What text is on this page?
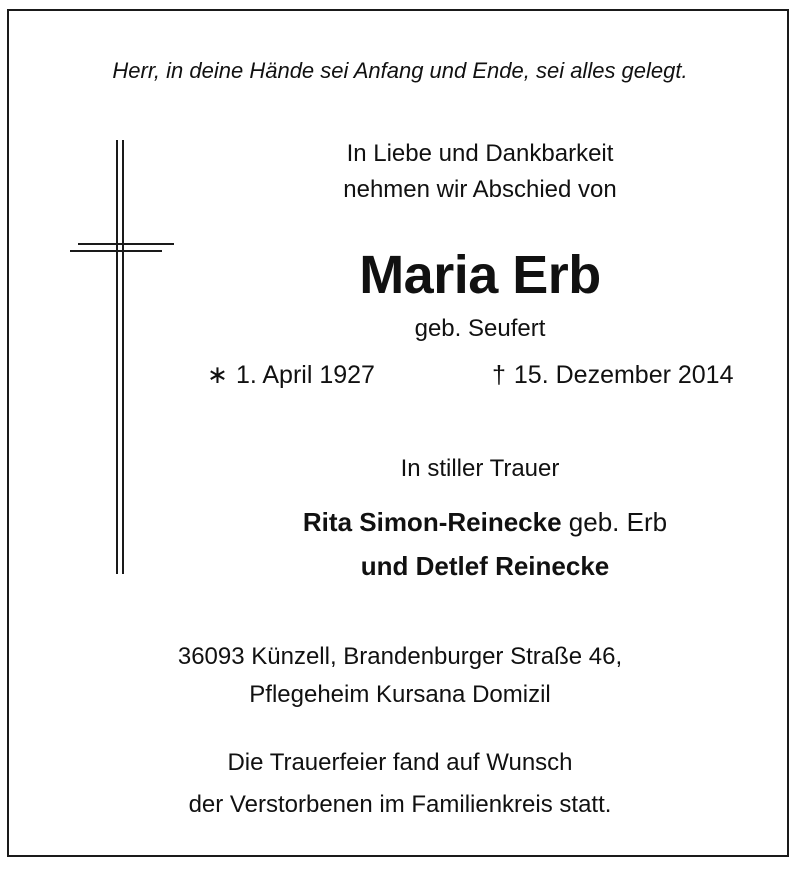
Herr, in deine Hände sei Anfang und Ende, sei alles gelegt.
In Liebe und Dankbarkeit
nehmen wir Abschied von
Maria Erb
geb. Seufert
∗ 1. April 1927	† 15. Dezember 2014
In stiller Trauer
Rita Simon-Reinecke geb. Erb
und Detlef Reinecke
36093 Künzell, Brandenburger Straße 46,
Pflegeheim Kursana Domizil
Die Trauerfeier fand auf Wunsch
der Verstorbenen im Familienkreis statt.
